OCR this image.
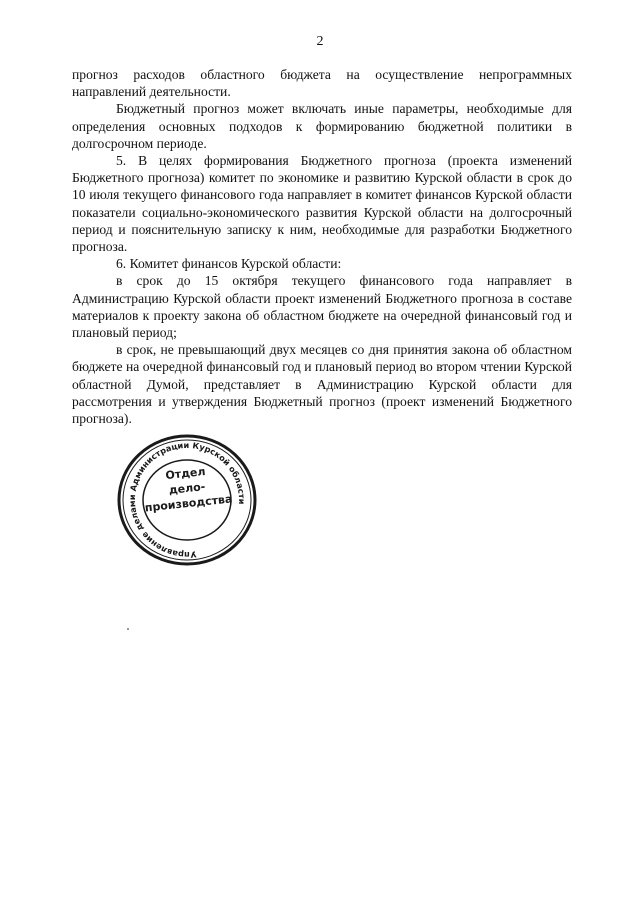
2

прогноз расходов областного бюджета на осуществление непрограммных направлений деятельности.

Бюджетный прогноз может включать иные параметры, необходимые для определения основных подходов к формированию бюджетной политики в долгосрочном периоде.

5. В целях формирования Бюджетного прогноза (проекта изменений Бюджетного прогноза) комитет по экономике и развитию Курской области в срок до 10 июля текущего финансового года направляет в комитет финансов Курской области показатели социально-экономического развития Курской области на долгосрочный период и пояснительную записку к ним, необходимые для разработки Бюджетного прогноза.

6. Комитет финансов Курской области:

в срок до 15 октября текущего финансового года направляет в Администрацию Курской области проект изменений Бюджетного прогноза в составе материалов к проекту закона об областном бюджете на очередной финансовый год и плановый период;

в срок, не превышающий двух месяцев со дня принятия закона об областном бюджете на очередной финансовый год и плановый период во втором чтении Курской областной Думой, представляет в Администрацию Курской области для рассмотрения и утверждения Бюджетный прогноз (проект изменений Бюджетного прогноза).

Управление делами Администрации Курской области
Отдел
дело-
производства
